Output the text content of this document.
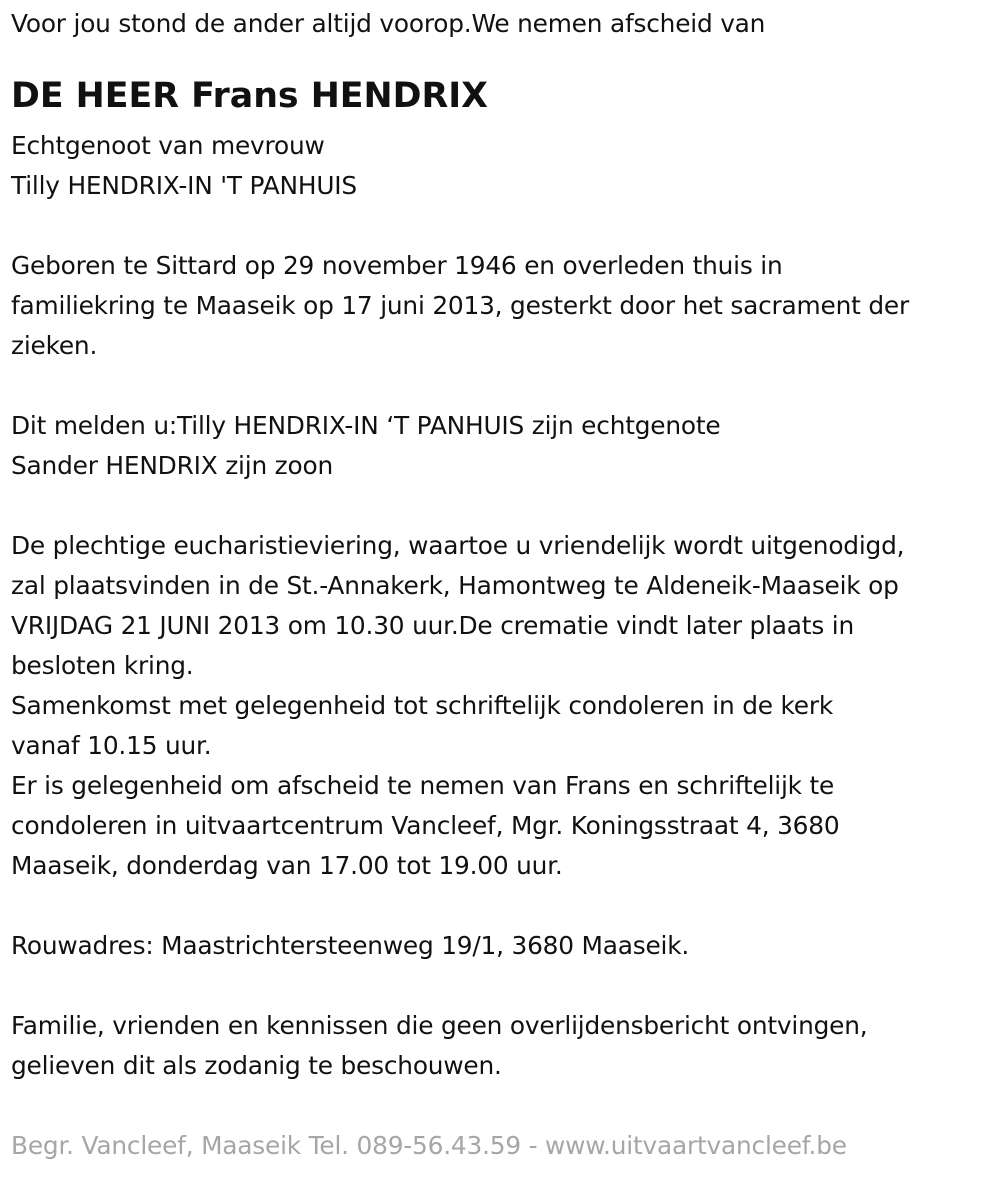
Voor jou stond de ander altijd voorop.We nemen afscheid van
DE HEER Frans HENDRIX
Echtgenoot van mevrouw
Tilly HENDRIX-IN 'T PANHUIS
Geboren te Sittard op 29 november 1946 en overleden thuis in
familiekring te Maaseik op 17 juni 2013, gesterkt door het sacrament der
zieken.
Dit melden u:Tilly HENDRIX-IN ‘T PANHUIS zijn echtgenote
Sander HENDRIX zijn zoon
De plechtige eucharistieviering, waartoe u vriendelijk wordt uitgenodigd,
zal plaatsvinden in de St.-Annakerk, Hamontweg te Aldeneik-Maaseik op
VRIJDAG 21 JUNI 2013 om 10.30 uur.De crematie vindt later plaats in
besloten kring.
Samenkomst met gelegenheid tot schriftelijk condoleren in de kerk
vanaf 10.15 uur.
Er is gelegenheid om afscheid te nemen van Frans en schriftelijk te
condoleren in uitvaartcentrum Vancleef, Mgr. Koningsstraat 4, 3680
Maaseik, donderdag van 17.00 tot 19.00 uur.
Rouwadres: Maastrichtersteenweg 19/1, 3680 Maaseik.
Familie, vrienden en kennissen die geen overlijdensbericht ontvingen,
gelieven dit als zodanig te beschouwen.
Begr. Vancleef, Maaseik Tel. 089-56.43.59 - www.uitvaartvancleef.be
